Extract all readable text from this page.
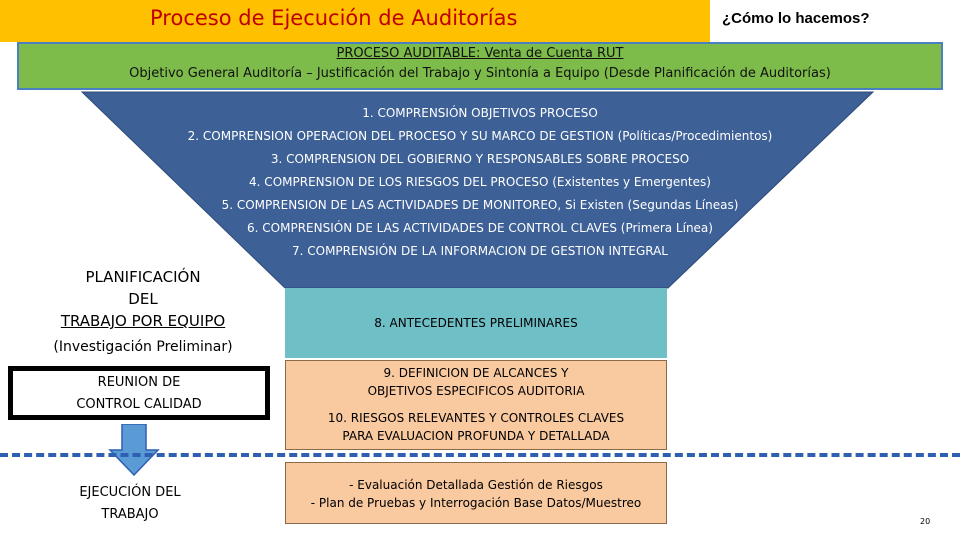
Proceso de Ejecución de Auditorías	¿Cómo lo hacemos?
PROCESO AUDITABLE: Venta de Cuenta RUT
Objetivo General Auditoría – Justificación del Trabajo y Sintonía a Equipo (Desde Planificación de Auditorías)
1. COMPRENSIÓN OBJETIVOS PROCESO
2. COMPRENSION OPERACION DEL PROCESO Y SU MARCO DE GESTION (Políticas/Procedimientos)
3. COMPRENSION DEL GOBIERNO Y RESPONSABLES SOBRE PROCESO
4. COMPRENSION DE LOS RIESGOS DEL PROCESO (Existentes y Emergentes)
5. COMPRENSION DE LAS ACTIVIDADES DE MONITOREO, Si Existen (Segundas Líneas)
6. COMPRENSIÓN DE LAS ACTIVIDADES DE CONTROL CLAVES (Primera Línea)
7. COMPRENSIÓN DE LA INFORMACION DE GESTION INTEGRAL
PLANIFICACIÓN
DEL
TRABAJO POR EQUIPO
(Investigación Preliminar)
REUNION DE
CONTROL CALIDAD
EJECUCIÓN DEL
TRABAJO
8. ANTECEDENTES PRELIMINARES
9. DEFINICION DE ALCANCES Y
OBJETIVOS ESPECIFICOS AUDITORIA
10. RIESGOS RELEVANTES Y CONTROLES CLAVES
PARA EVALUACION PROFUNDA Y DETALLADA
- Evaluación Detallada Gestión de Riesgos
- Plan de Pruebas y Interrogación Base Datos/Muestreo
20
